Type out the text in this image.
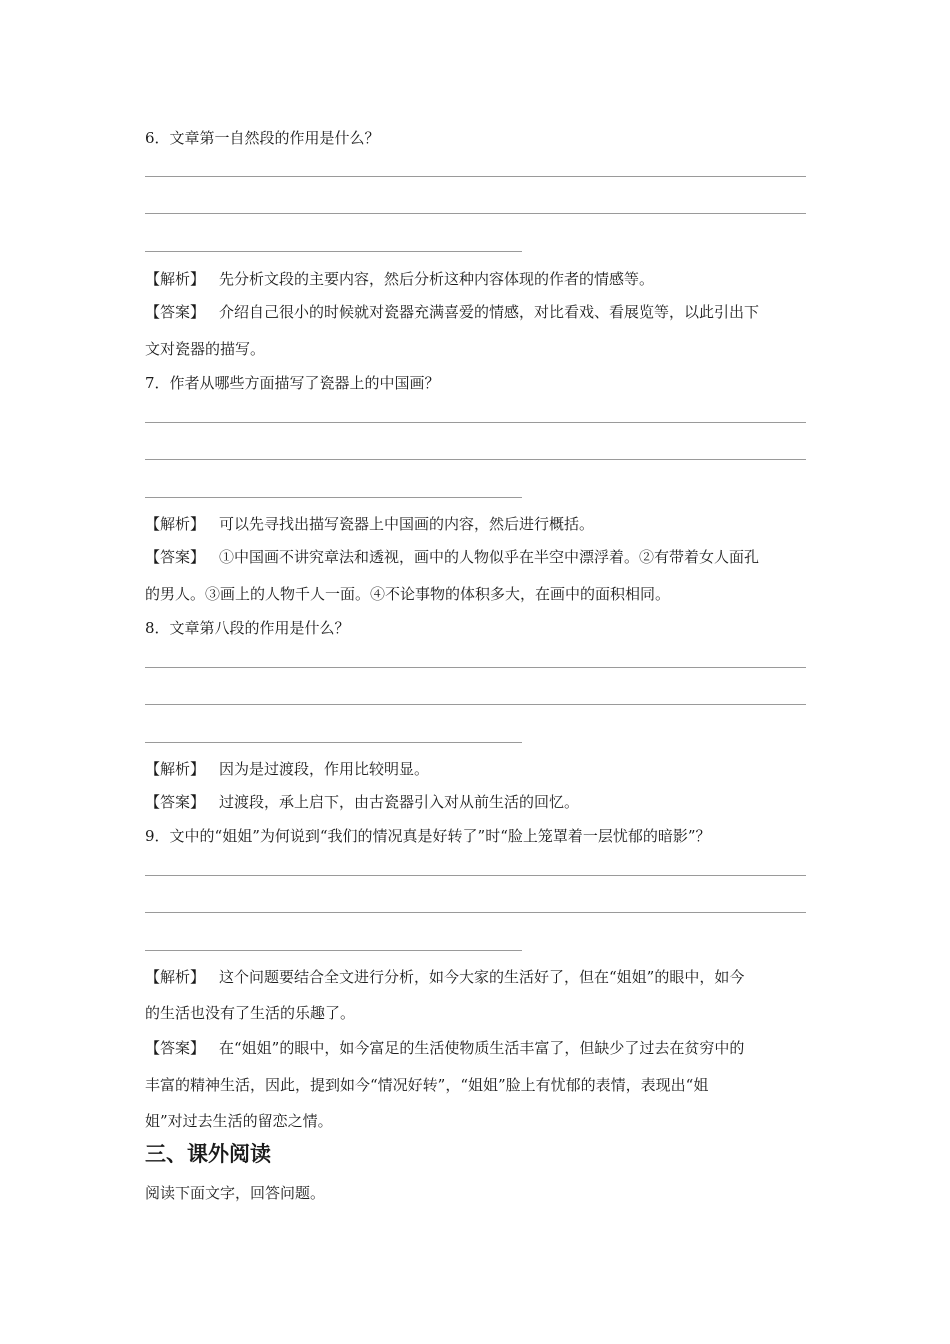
6．文章第一自然段的作用是什么？
【解析】 先分析文段的主要内容，然后分析这种内容体现的作者的情感等。
【答案】 介绍自己很小的时候就对瓷器充满喜爱的情感，对比看戏、看展览等，以此引出下
文对瓷器的描写。
7．作者从哪些方面描写了瓷器上的中国画？
【解析】 可以先寻找出描写瓷器上中国画的内容，然后进行概括。
【答案】 ①中国画不讲究章法和透视，画中的人物似乎在半空中漂浮着。②有带着女人面孔
的男人。③画上的人物千人一面。④不论事物的体积多大，在画中的面积相同。
8．文章第八段的作用是什么？
【解析】 因为是过渡段，作用比较明显。
【答案】 过渡段，承上启下，由古瓷器引入对从前生活的回忆。
9．文中的“姐姐”为何说到“我们的情况真是好转了”时“脸上笼罩着一层忧郁的暗影”？
【解析】 这个问题要结合全文进行分析，如今大家的生活好了，但在“姐姐”的眼中，如今
的生活也没有了生活的乐趣了。
【答案】 在“姐姐”的眼中，如今富足的生活使物质生活丰富了，但缺少了过去在贫穷中的
丰富的精神生活，因此，提到如今“情况好转”，“姐姐”脸上有忧郁的表情，表现出“姐
姐”对过去生活的留恋之情。
三、课外阅读
阅读下面文字，回答问题。
